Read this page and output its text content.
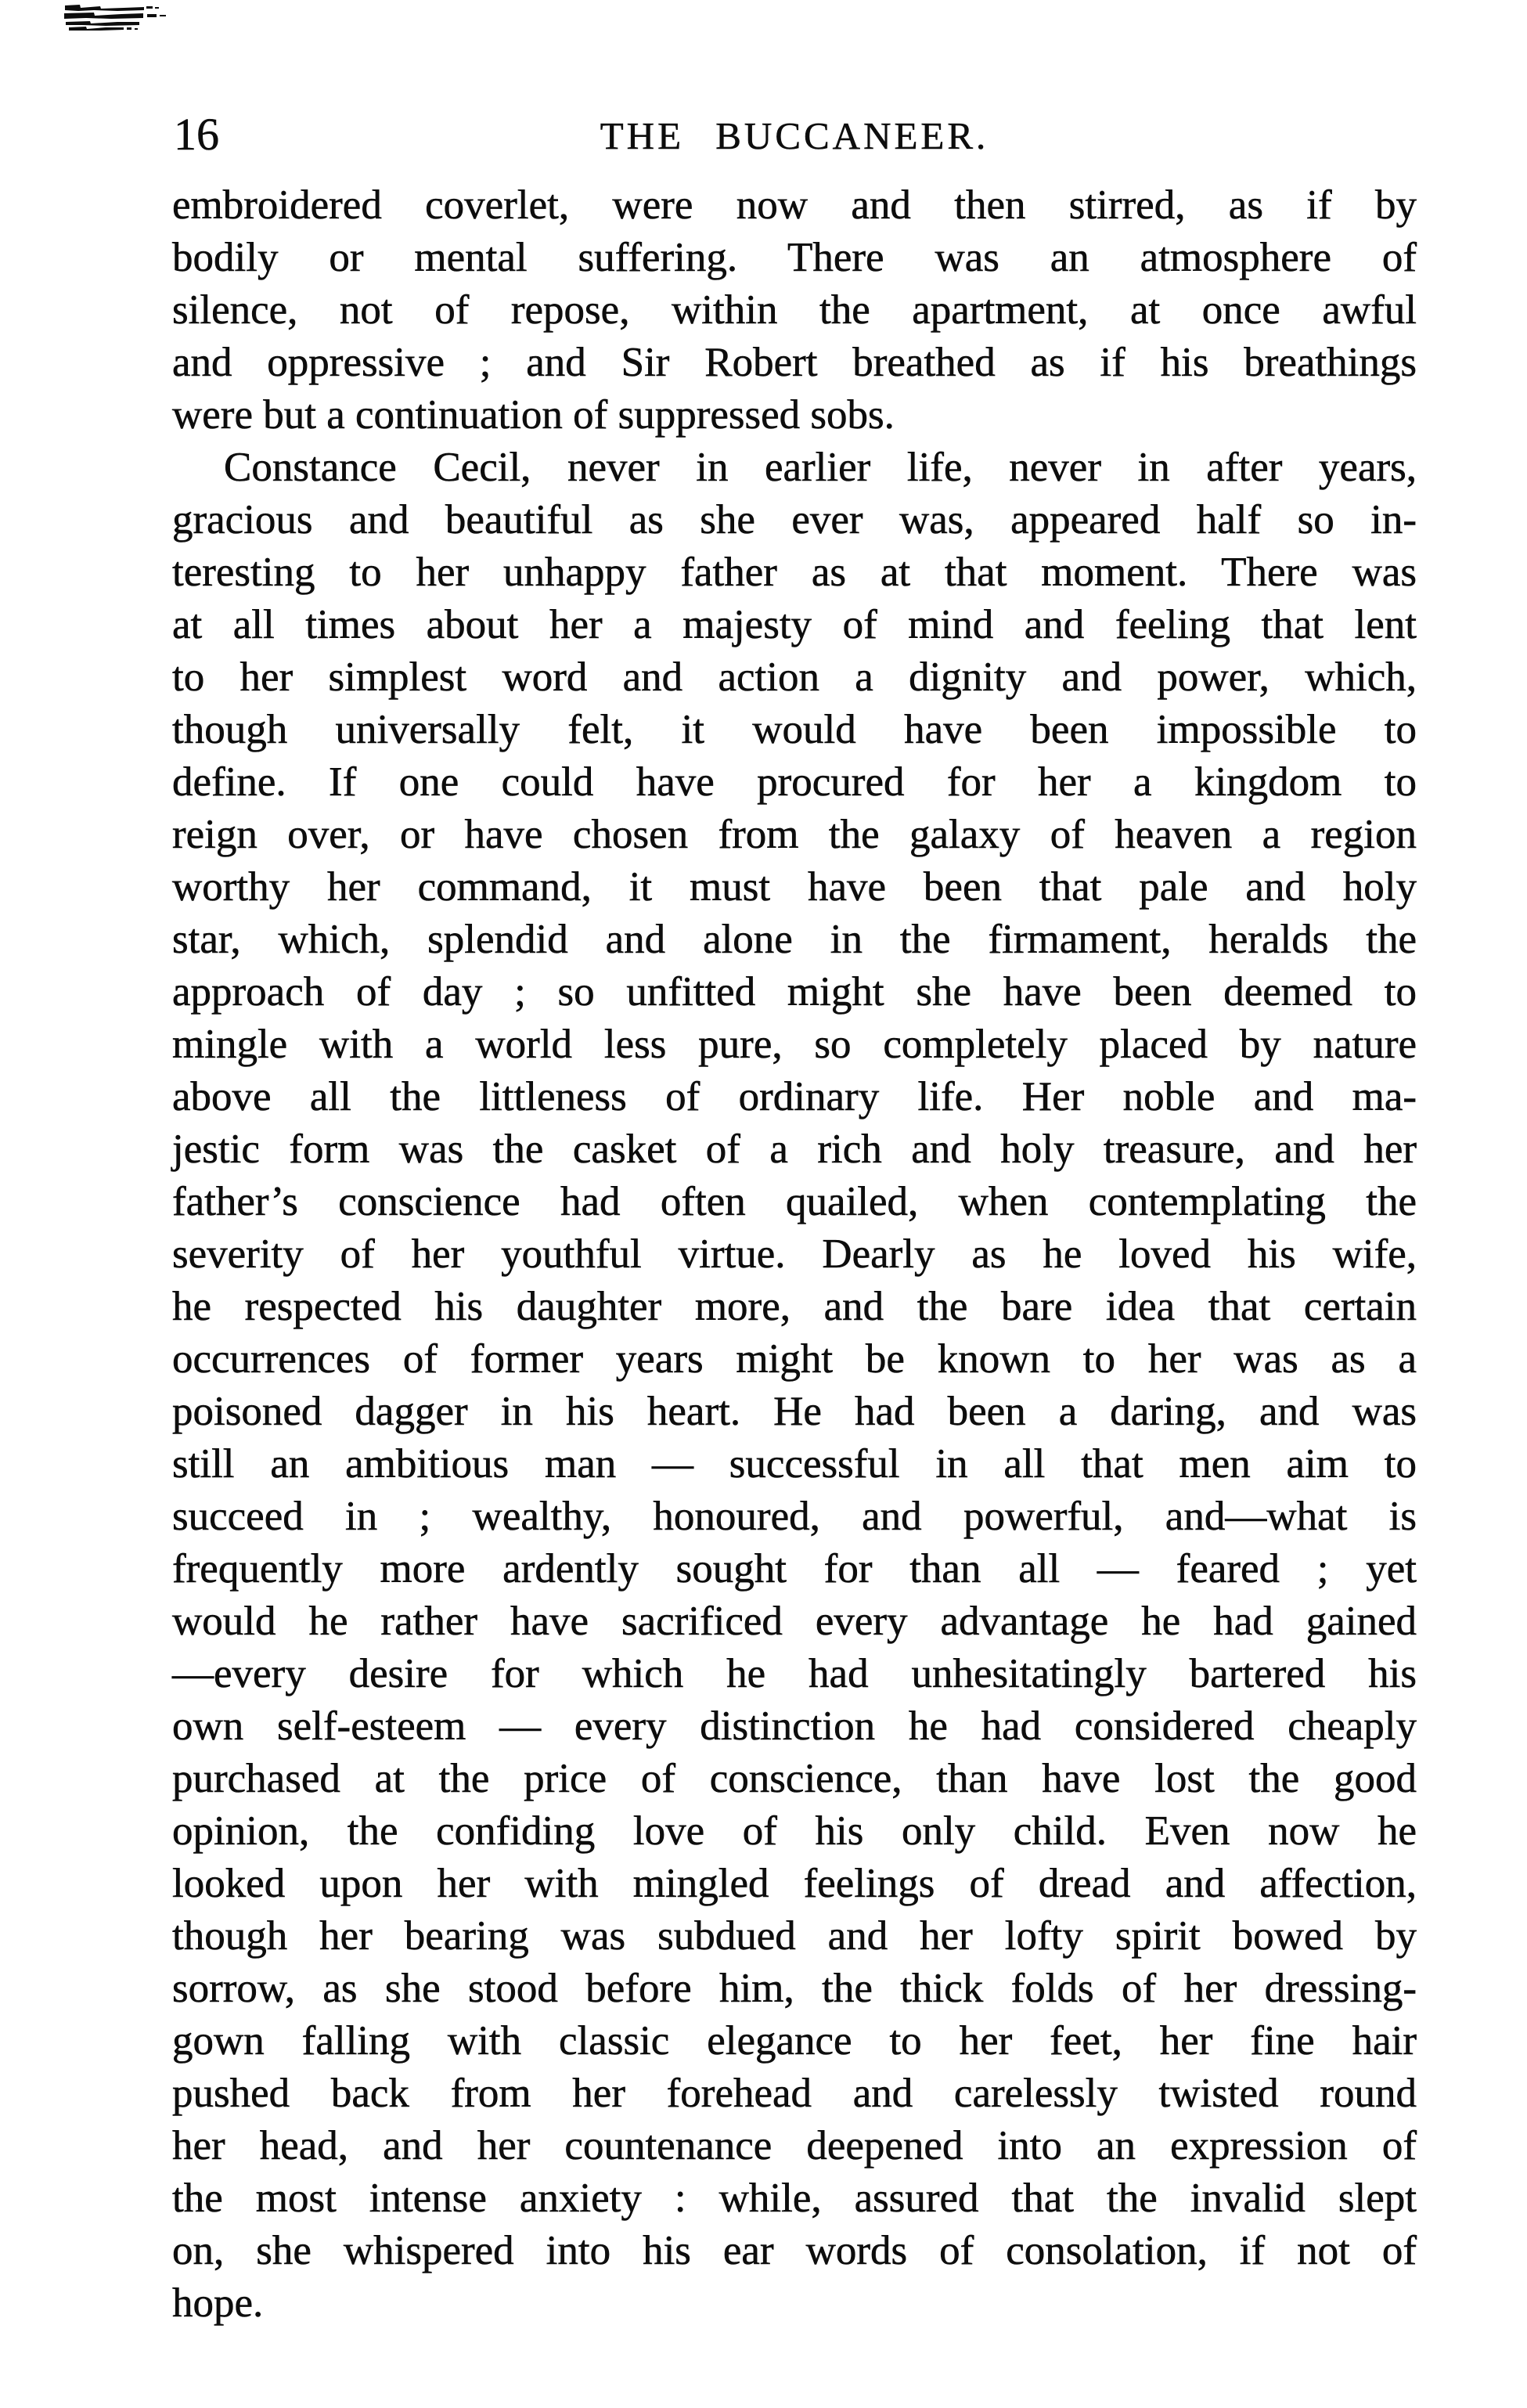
16	THE BUCCANEER.
embroidered coverlet, were now and then stirred, as if by
bodily or mental suffering. There was an atmosphere of
silence, not of repose, within the apartment, at once awful
and oppressive ; and Sir Robert breathed as if his breathings
were but a continuation of suppressed sobs.
Constance Cecil, never in earlier life, never in after years,
gracious and beautiful as she ever was, appeared half so in-
teresting to her unhappy father as at that moment. There was
at all times about her a majesty of mind and feeling that lent
to her simplest word and action a dignity and power, which,
though universally felt, it would have been impossible to
define. If one could have procured for her a kingdom to
reign over, or have chosen from the galaxy of heaven a region
worthy her command, it must have been that pale and holy
star, which, splendid and alone in the firmament, heralds the
approach of day ; so unfitted might she have been deemed to
mingle with a world less pure, so completely placed by nature
above all the littleness of ordinary life. Her noble and ma-
jestic form was the casket of a rich and holy treasure, and her
father’s conscience had often quailed, when contemplating the
severity of her youthful virtue. Dearly as he loved his wife,
he respected his daughter more, and the bare idea that certain
occurrences of former years might be known to her was as a
poisoned dagger in his heart. He had been a daring, and was
still an ambitious man — successful in all that men aim to
succeed in ; wealthy, honoured, and powerful, and—what is
frequently more ardently sought for than all — feared ; yet
would he rather have sacrificed every advantage he had gained
—every desire for which he had unhesitatingly bartered his
own self-esteem — every distinction he had considered cheaply
purchased at the price of conscience, than have lost the good
opinion, the confiding love of his only child. Even now he
looked upon her with mingled feelings of dread and affection,
though her bearing was subdued and her lofty spirit bowed by
sorrow, as she stood before him, the thick folds of her dressing-
gown falling with classic elegance to her feet, her fine hair
pushed back from her forehead and carelessly twisted round
her head, and her countenance deepened into an expression of
the most intense anxiety : while, assured that the invalid slept
on, she whispered into his ear words of consolation, if not of
hope.
